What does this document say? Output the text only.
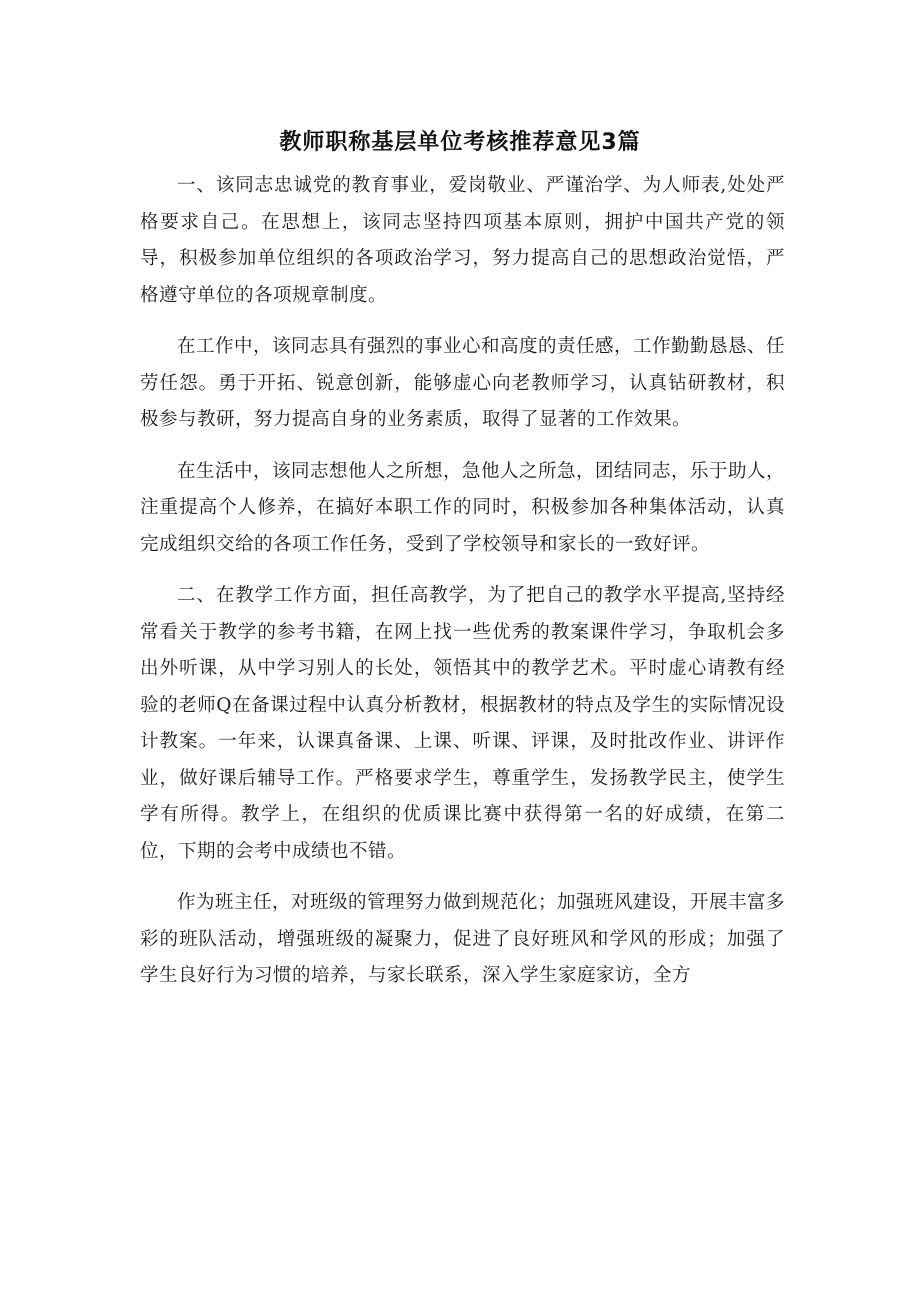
教师职称基层单位考核推荐意见3篇

一、该同志忠诚党的教育事业，爱岗敬业、严谨治学、为人师表,处处严格要求自己。在思想上，该同志坚持四项基本原则，拥护中国共产党的领导，积极参加单位组织的各项政治学习，努力提高自己的思想政治觉悟，严格遵守单位的各项规章制度。

在工作中，该同志具有强烈的事业心和高度的责任感，工作勤勤恳恳、任劳任怨。勇于开拓、锐意创新，能够虚心向老教师学习，认真钻研教材，积极参与教研，努力提高自身的业务素质，取得了显著的工作效果。

在生活中，该同志想他人之所想，急他人之所急，团结同志，乐于助人，注重提高个人修养，在搞好本职工作的同时，积极参加各种集体活动，认真完成组织交给的各项工作任务，受到了学校领导和家长的一致好评。

二、在教学工作方面，担任高教学，为了把自己的教学水平提高,坚持经常看关于教学的参考书籍，在网上找一些优秀的教案课件学习，争取机会多出外听课，从中学习别人的长处，领悟其中的教学艺术。平时虚心请教有经验的老师Q在备课过程中认真分析教材，根据教材的特点及学生的实际情况设计教案。一年来，认课真备课、上课、听课、评课，及时批改作业、讲评作业，做好课后辅导工作。严格要求学生，尊重学生，发扬教学民主，使学生学有所得。教学上，在组织的优质课比赛中获得第一名的好成绩，在第二位，下期的会考中成绩也不错。

作为班主任，对班级的管理努力做到规范化；加强班风建设，开展丰富多彩的班队活动，增强班级的凝聚力，促进了良好班风和学风的形成；加强了学生良好行为习惯的培养，与家长联系，深入学生家庭家访，全方
